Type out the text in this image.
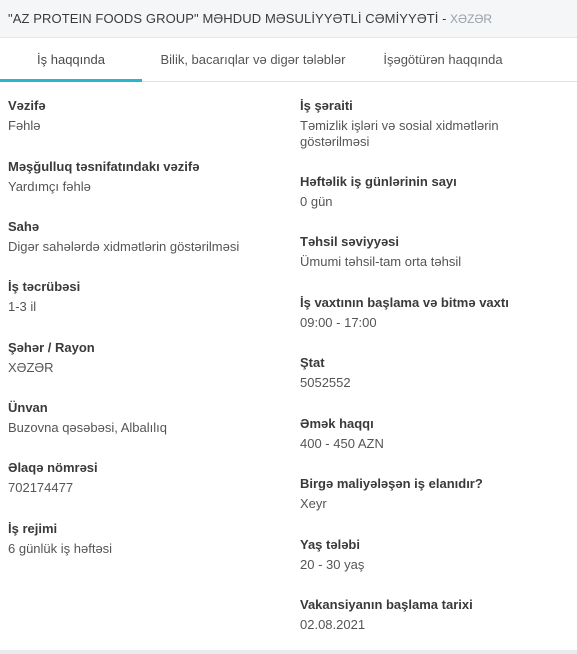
"AZ PROTEIN FOODS GROUP" MƏHDUD MƏSULİYYƏTLİ CƏMİYYƏTİ - XƏZƏR
İş haqqında	Bilik, bacarıqlar və digər tələblər	İşəgötürən haqqında
Vəzifə
Fəhlə
Məşğulluq təsnifatındakı vəzifə
Yardımçı fəhlə
Sahə
Digər sahələrdə xidmətlərin göstərilməsi
İş təcrübəsi
1-3 il
Şəhər / Rayon
XƏZƏR
Ünvan
Buzovna qəsəbəsi, Albalılıq
Əlaqə nömrəsi
702174477
İş rejimi
6 günlük iş həftəsi
İş şəraiti
Təmizlik işləri və sosial xidmətlərin göstərilməsi
Həftəlik iş günlərinin sayı
0 gün
Təhsil səviyyəsi
Ümumi təhsil-tam orta təhsil
İş vaxtının başlama və bitmə vaxtı
09:00 - 17:00
Ştat
5052552
Əmək haqqı
400 - 450 AZN
Birgə maliyələşən iş elanıdır?
Xeyr
Yaş tələbi
20 - 30 yaş
Vakansiyanın başlama tarixi
02.08.2021
